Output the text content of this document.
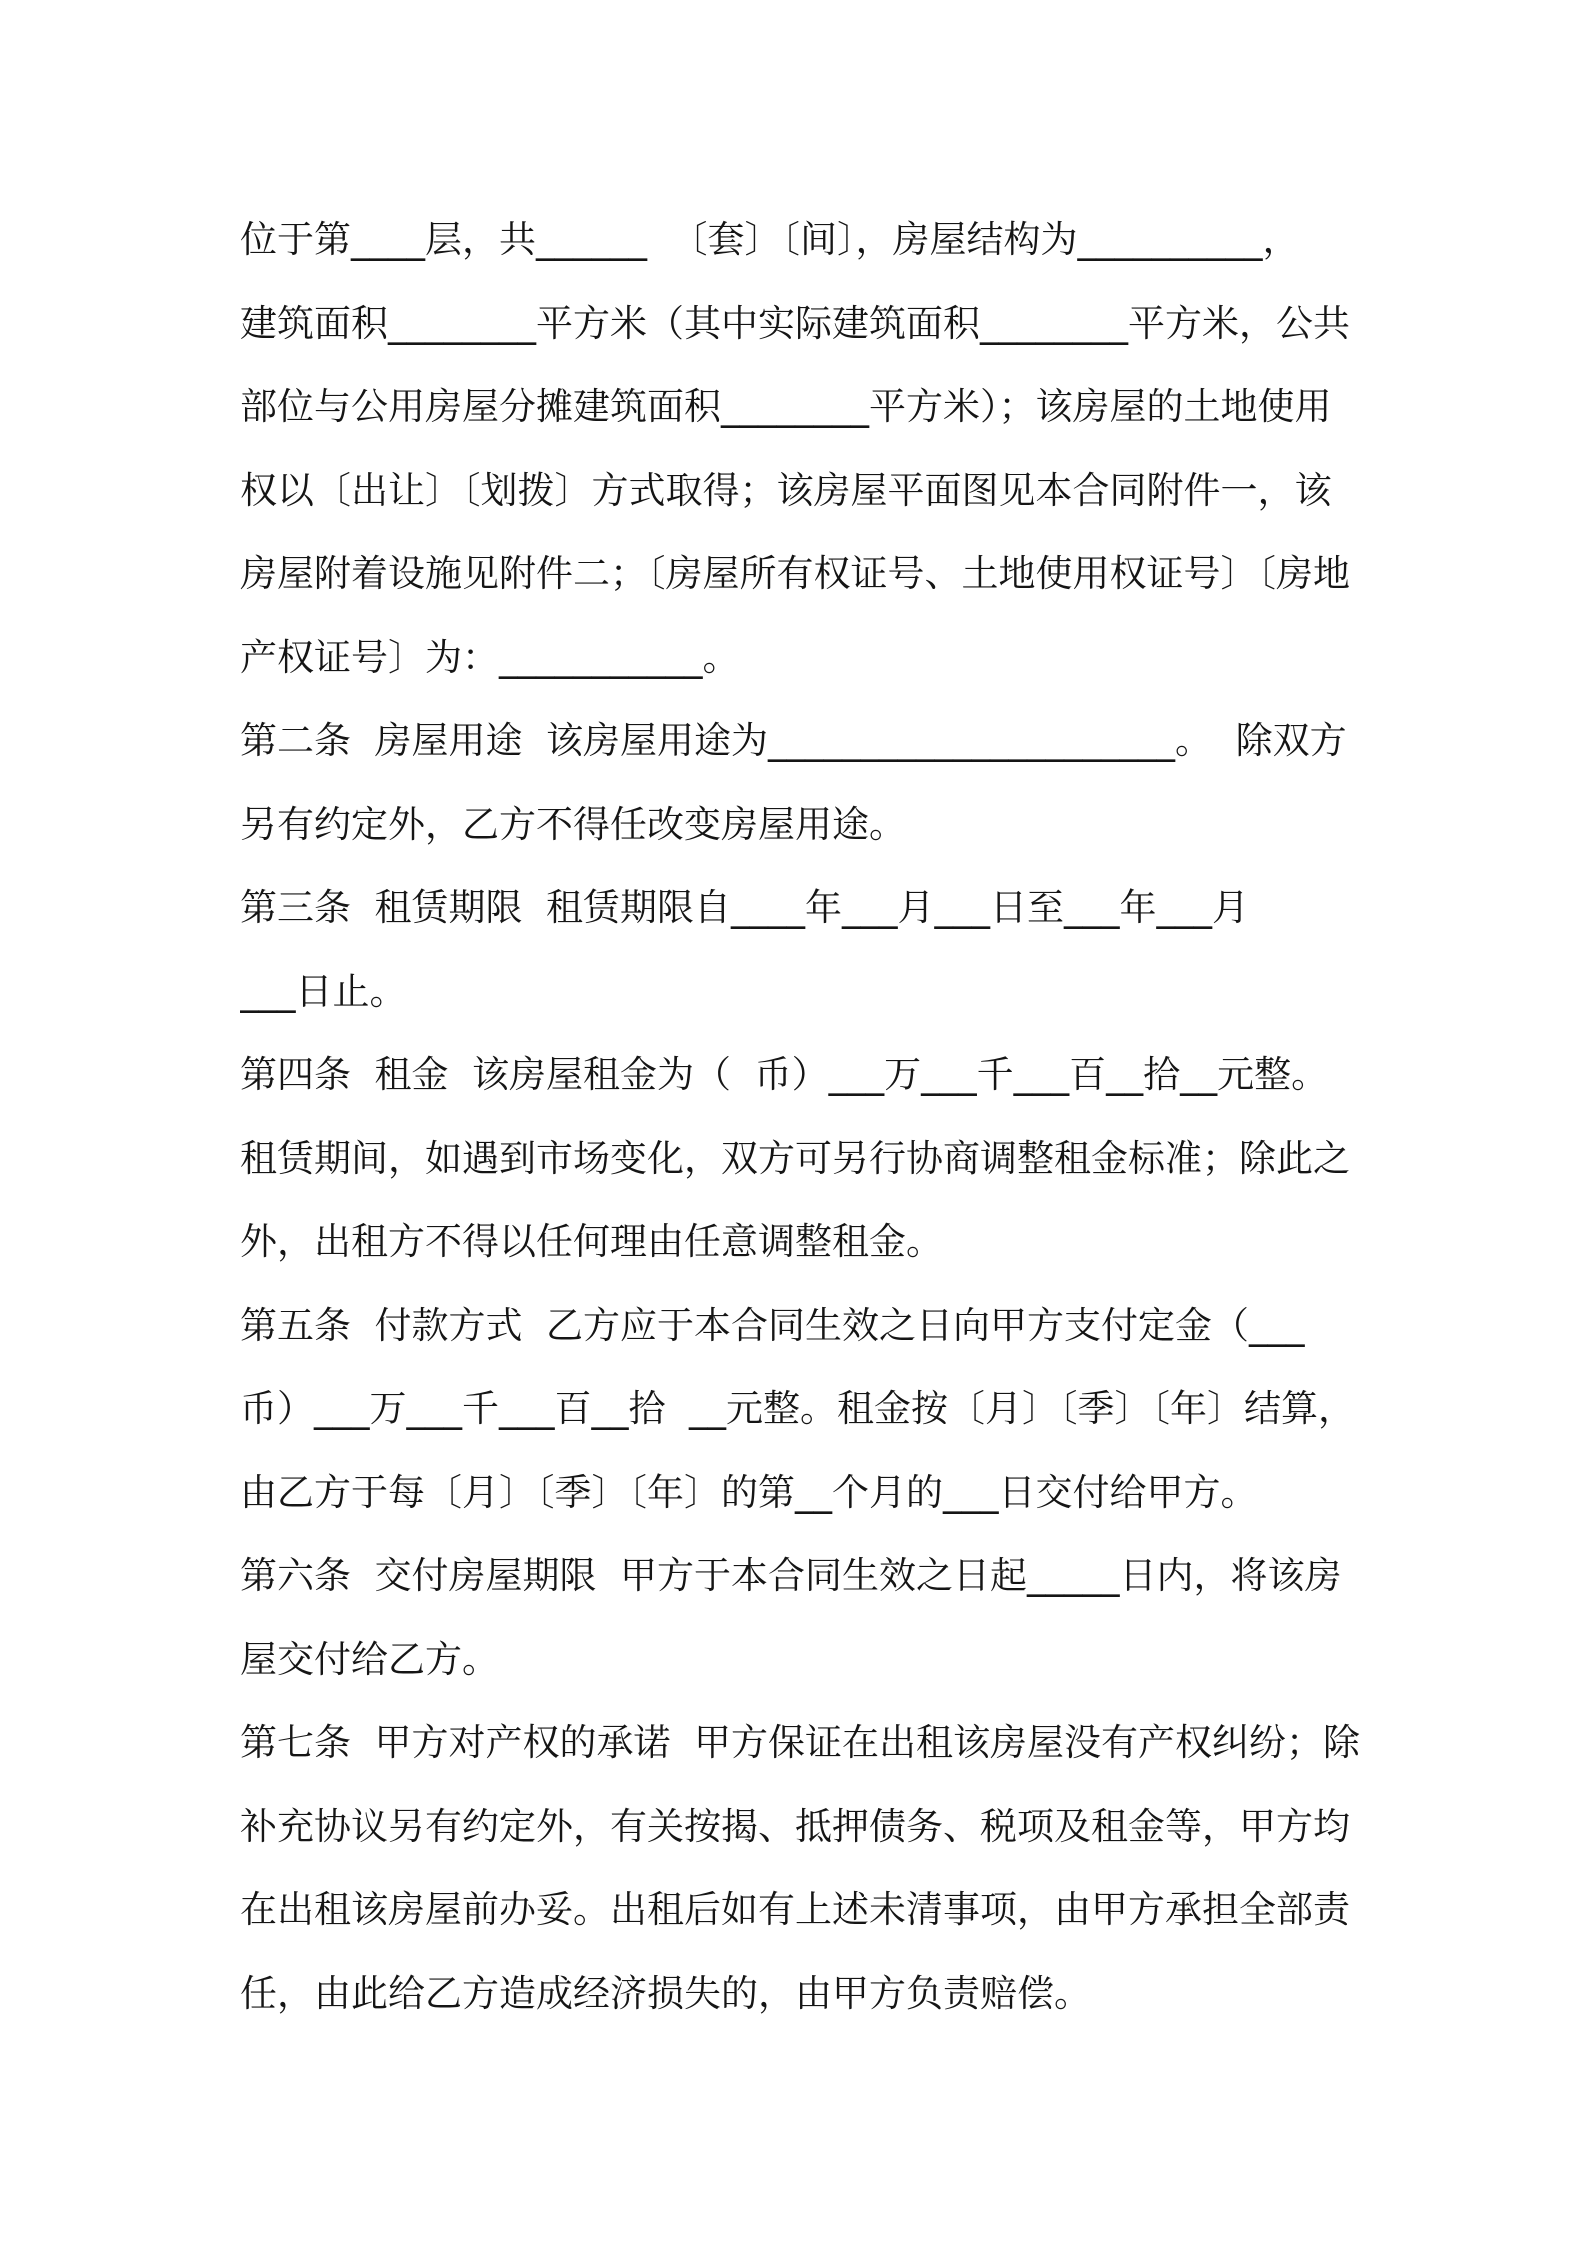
位于第____层，共______  〔套〕〔间〕，房屋结构为__________，
建筑面积________平方米（其中实际建筑面积________平方米，公共
部位与公用房屋分摊建筑面积________平方米）；该房屋的土地使用
权以〔出让〕〔划拨〕方式取得；该房屋平面图见本合同附件一，该
房屋附着设施见附件二；〔房屋所有权证号、土地使用权证号〕〔房地
产权证号〕为：___________。
第二条  房屋用途  该房屋用途为______________________。  除双方
另有约定外，乙方不得任改变房屋用途。
第三条  租赁期限  租赁期限自____年___月___日至___年___月
___日止。
第四条  租金  该房屋租金为（  币）___万___千___百__拾__元整。
租赁期间，如遇到市场变化，双方可另行协商调整租金标准；除此之
外，出租方不得以任何理由任意调整租金。
第五条  付款方式  乙方应于本合同生效之日向甲方支付定金（___
币）___万___千___百__拾  __元整。租金按〔月〕〔季〕〔年〕结算，
由乙方于每〔月〕〔季〕〔年〕的第__个月的___日交付给甲方。
第六条  交付房屋期限  甲方于本合同生效之日起_____日内，将该房
屋交付给乙方。
第七条  甲方对产权的承诺  甲方保证在出租该房屋没有产权纠纷；除
补充协议另有约定外，有关按揭、抵押债务、税项及租金等，甲方均
在出租该房屋前办妥。出租后如有上述未清事项，由甲方承担全部责
任，由此给乙方造成经济损失的，由甲方负责赔偿。
